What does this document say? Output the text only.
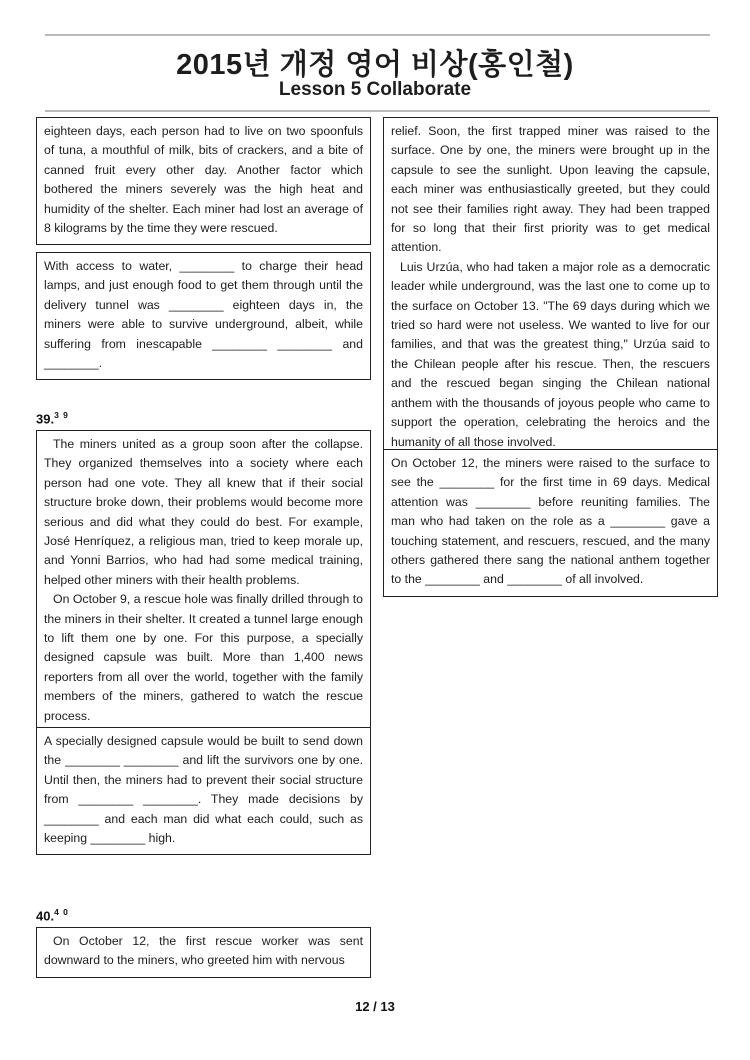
2015년 개정 영어 비상(홍인철)
Lesson 5 Collaborate

eighteen days, each person had to live on two spoonfuls of tuna, a mouthful of milk, bits of crackers, and a bite of canned fruit every other day. Another factor which bothered the miners severely was the high heat and humidity of the shelter. Each miner had lost an average of 8 kilograms by the time they were rescued.

With access to water, ________ to charge their head lamps, and just enough food to get them through until the delivery tunnel was ________ eighteen days in, the miners were able to survive underground, albeit, while suffering from inescapable ________ ________ and ________.

39.$^{3 9}$

The miners united as a group soon after the collapse. They organized themselves into a society where each person had one vote. They all knew that if their social structure broke down, their problems would become more serious and did what they could do best. For example, José Henríquez, a religious man, tried to keep morale up, and Yonni Barrios, who had had some medical training, helped other miners with their health problems.

On October 9, a rescue hole was finally drilled through to the miners in their shelter. It created a tunnel large enough to lift them one by one. For this purpose, a specially designed capsule was built. More than 1,400 news reporters from all over the world, together with the family members of the miners, gathered to watch the rescue process.

A specially designed capsule would be built to send down the ________ ________ and lift the survivors one by one. Until then, the miners had to prevent their social structure from ________ ________. They made decisions by ________ and each man did what each could, such as keeping ________ high.

40.$^{4 0}$

On October 12, the first rescue worker was sent downward to the miners, who greeted him with nervous

relief. Soon, the first trapped miner was raised to the surface. One by one, the miners were brought up in the capsule to see the sunlight. Upon leaving the capsule, each miner was enthusiastically greeted, but they could not see their families right away. They had been trapped for so long that their first priority was to get medical attention.

Luis Urzúa, who had taken a major role as a democratic leader while underground, was the last one to come up to the surface on October 13. "The 69 days during which we tried so hard were not useless. We wanted to live for our families, and that was the greatest thing," Urzúa said to the Chilean people after his rescue. Then, the rescuers and the rescued began singing the Chilean national anthem with the thousands of joyous people who came to support the operation, celebrating the heroics and the humanity of all those involved.

On October 12, the miners were raised to the surface to see the ________ for the first time in 69 days. Medical attention was ________ before reuniting families. The man who had taken on the role as a ________ gave a touching statement, and rescuers, rescued, and the many others gathered there sang the national anthem together to the ________ and ________ of all involved.

12 / 13
